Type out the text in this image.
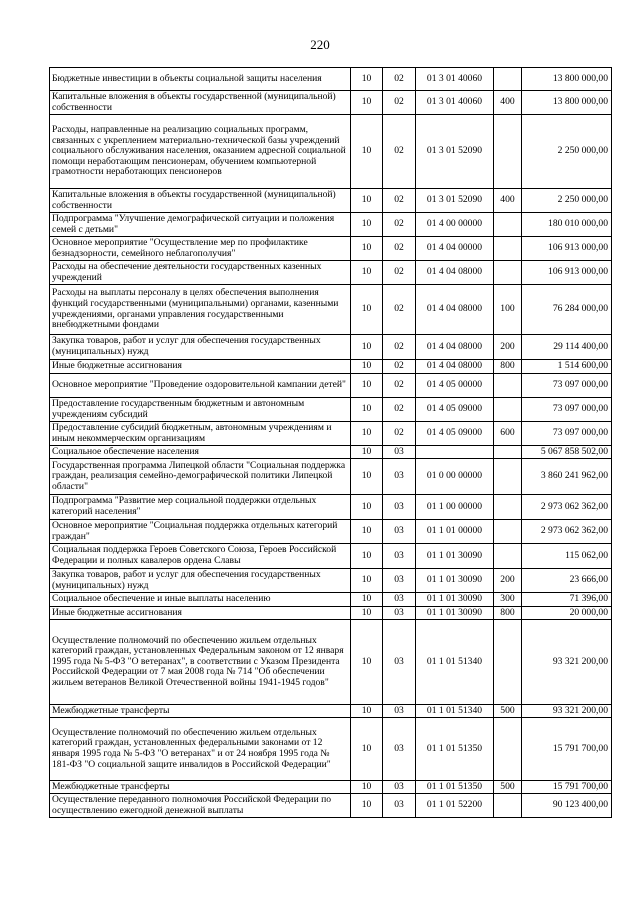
220
Бюджетные инвестиции в объекты социальной защиты населения	10	02	01 3 01 40060		13 800 000,00
Капитальные вложения в объекты государственной (муниципальной) собственности	10	02	01 3 01 40060	400	13 800 000,00
Расходы, направленные на реализацию социальных программ, связанных с укреплением материально-технической базы учреждений социального обслуживания населения, оказанием адресной социальной помощи неработающим пенсионерам, обучением компьютерной грамотности неработающих пенсионеров	10	02	01 3 01 52090		2 250 000,00
Капитальные вложения в объекты государственной (муниципальной) собственности	10	02	01 3 01 52090	400	2 250 000,00
Подпрограмма "Улучшение демографической ситуации и положения семей с детьми"	10	02	01 4 00 00000		180 010 000,00
Основное мероприятие "Осуществление мер по профилактике безнадзорности, семейного неблагополучия"	10	02	01 4 04 00000		106 913 000,00
Расходы на обеспечение деятельности государственных казенных учреждений	10	02	01 4 04 08000		106 913 000,00
Расходы на выплаты персоналу в целях обеспечения выполнения функций государственными (муниципальными) органами, казенными учреждениями, органами управления государственными внебюджетными фондами	10	02	01 4 04 08000	100	76 284 000,00
Закупка товаров, работ и услуг для обеспечения государственных (муниципальных) нужд	10	02	01 4 04 08000	200	29 114 400,00
Иные бюджетные ассигнования	10	02	01 4 04 08000	800	1 514 600,00
Основное мероприятие "Проведение оздоровительной кампании детей"	10	02	01 4 05 00000		73 097 000,00
Предоставление государственным бюджетным и автономным учреждениям субсидий	10	02	01 4 05 09000		73 097 000,00
Предоставление субсидий бюджетным, автономным учреждениям и иным некоммерческим организациям	10	02	01 4 05 09000	600	73 097 000,00
Социальное обеспечение населения	10	03			5 067 858 502,00
Государственная программа Липецкой области "Социальная поддержка граждан, реализация семейно-демографической политики Липецкой области"	10	03	01 0 00 00000		3 860 241 962,00
Подпрограмма "Развитие мер социальной поддержки отдельных категорий населения"	10	03	01 1 00 00000		2 973 062 362,00
Основное мероприятие "Социальная поддержка отдельных категорий граждан"	10	03	01 1 01 00000		2 973 062 362,00
Социальная поддержка Героев Советского Союза, Героев Российской Федерации и полных кавалеров ордена Славы	10	03	01 1 01 30090		115 062,00
Закупка товаров, работ и услуг для обеспечения государственных (муниципальных) нужд	10	03	01 1 01 30090	200	23 666,00
Социальное обеспечение и иные выплаты населению	10	03	01 1 01 30090	300	71 396,00
Иные бюджетные ассигнования	10	03	01 1 01 30090	800	20 000,00
Осуществление полномочий по обеспечению жильем отдельных категорий граждан, установленных Федеральным законом от 12 января 1995 года № 5-ФЗ "О ветеранах", в соответствии с Указом Президента Российской Федерации от 7 мая 2008 года № 714 "Об обеспечении жильем ветеранов Великой Отечественной войны 1941-1945 годов"	10	03	01 1 01 51340		93 321 200,00
Межбюджетные трансферты	10	03	01 1 01 51340	500	93 321 200,00
Осуществление полномочий по обеспечению жильем отдельных категорий граждан, установленных федеральными законами от 12 января 1995 года № 5-ФЗ "О ветеранах" и от 24 ноября 1995 года № 181-ФЗ "О социальной защите инвалидов в Российской Федерации"	10	03	01 1 01 51350		15 791 700,00
Межбюджетные трансферты	10	03	01 1 01 51350	500	15 791 700,00
Осуществление переданного полномочия Российской Федерации по осуществлению ежегодной денежной выплаты	10	03	01 1 01 52200		90 123 400,00
